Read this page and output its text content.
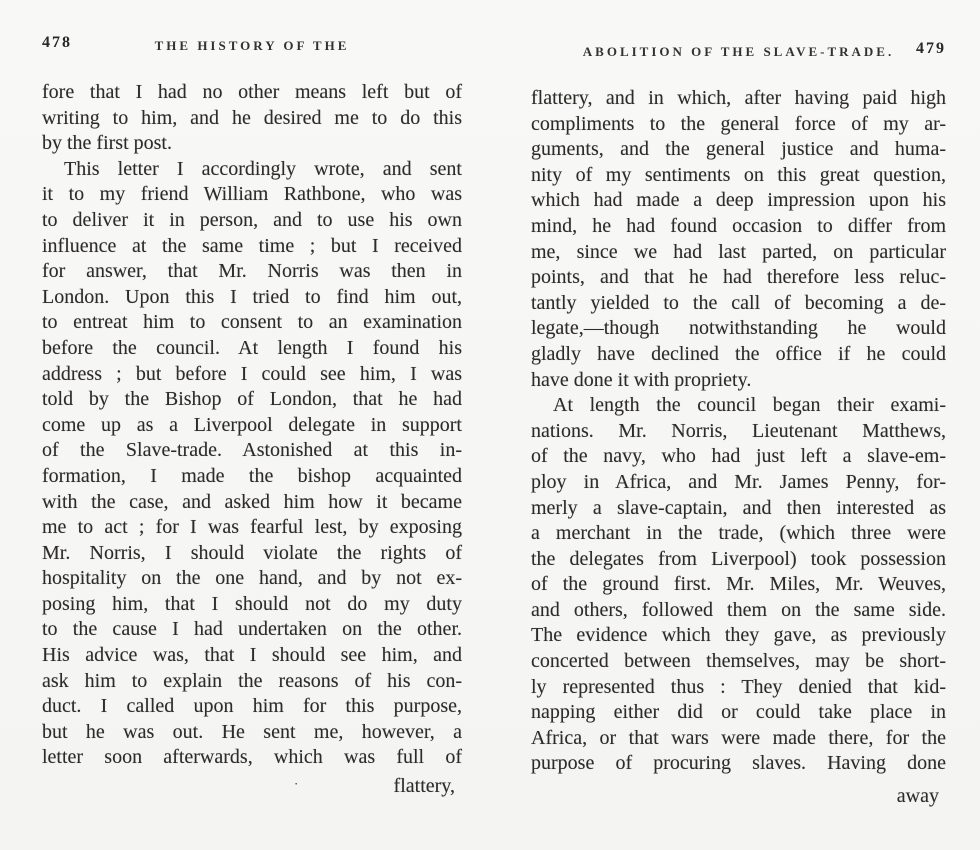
478	THE HISTORY OF THE
fore that I had no other means left but of
writing to him, and he desired me to do this
by the first post.
This letter I accordingly wrote, and sent
it to my friend William Rathbone, who was
to deliver it in person, and to use his own
influence at the same time ; but I received
for answer, that Mr. Norris was then in
London. Upon this I tried to find him out,
to entreat him to consent to an examination
before the council. At length I found his
address ; but before I could see him, I was
told by the Bishop of London, that he had
come up as a Liverpool delegate in support
of the Slave-trade. Astonished at this in-
formation, I made the bishop acquainted
with the case, and asked him how it became
me to act ; for I was fearful lest, by exposing
Mr. Norris, I should violate the rights of
hospitality on the one hand, and by not ex-
posing him, that I should not do my duty
to the cause I had undertaken on the other.
His advice was, that I should see him, and
ask him to explain the reasons of his con-
duct. I called upon him for this purpose,
but he was out. He sent me, however, a
letter soon afterwards, which was full of
· flattery,
ABOLITION OF THE SLAVE-TRADE.	479
flattery, and in which, after having paid high
compliments to the general force of my ar-
guments, and the general justice and huma-
nity of my sentiments on this great question,
which had made a deep impression upon his
mind, he had found occasion to differ from
me, since we had last parted, on particular
points, and that he had therefore less reluc-
tantly yielded to the call of becoming a de-
legate,—though notwithstanding he would
gladly have declined the office if he could
have done it with propriety.
At length the council began their exami-
nations. Mr. Norris, Lieutenant Matthews,
of the navy, who had just left a slave-em-
ploy in Africa, and Mr. James Penny, for-
merly a slave-captain, and then interested as
a merchant in the trade, (which three were
the delegates from Liverpool) took possession
of the ground first. Mr. Miles, Mr. Weuves,
and others, followed them on the same side.
The evidence which they gave, as previously
concerted between themselves, may be short-
ly represented thus : They denied that kid-
napping either did or could take place in
Africa, or that wars were made there, for the
purpose of procuring slaves. Having done
away
